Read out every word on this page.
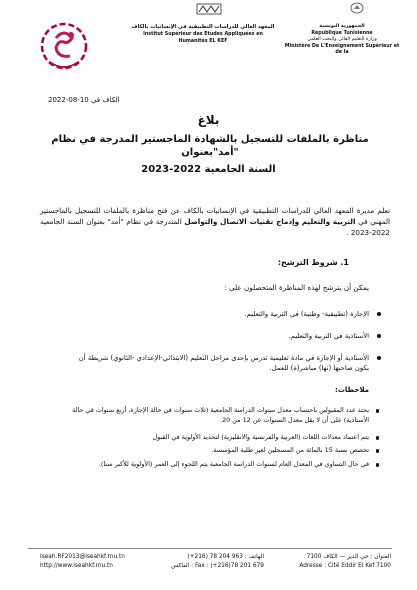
المعهد العالي للدراسات التطبيقية في الإنسانيات بالكاف
Institut Supérieur des Etudes Appliquées en
Humanités EL KEF
الجمهورية التونسية
République Tunisienne
وزارة التعليم العالي والبحث العلمي
Ministère De L'Enseignement Supérieur et de la
الكاف في 10-08-2022
بلاغ
مناظرة بالملفات للتسجيل بالشهادة الماجستير المدرجة في نظام "أمد"بعنوان
السنة الجامعية 2022-2023
تعلم مديرة المعهد العالي للدراسات التطبيقية في الإنسانيات بالكاف عن فتح مناظرة بالملفات للتسجيل بالماجستير المهني في التربية والتعليم وإدماج تقنيات الاتصال والتواصل المندرجة في نظام "أمد" بعنوان السنة الجامعية 2022-2023 .
1. شروط الترشح:
يمكن أن يترشح لهذه المناظرة المتحصلون على :
الإجازة (تطبيقية- وطنية) في التربية والتعليم.
الأستاذية في التربية والتعليم.
الأستاذية أو الإجازة في مادة تعليمية تدرس بإحدى مراحل التعليم (الابتدائي-الإعدادي -الثانوي) شريطة أن يكون صاحبها (تها) مباشر(ة) للعمل.
ملاحظات:
يحتذ عدد المقبولين باحتساب معدل سنوات الدراسة الجامعية (ثلاث سنوات في حالة الإجازة، أربع سنوات في حالة الأستاذية) على أن لا يقل معدل السنوات عن 12 من 20.
يتم اعتماد معدلات اللغات (العربية والفرنسية والانقليزية) لتحديد الأولوية في القبول
تخصص نسبة 15 بالمائة من المسجلين لغير طلبة المؤسسة.
في حال التساوي في المعدل العام لسنوات الدراسة الجامعية يتم اللجوء إلى العمر (الأولوية للأكبر سنا).
Iseah.RF2013@iseahkf.rnu.tn
http://www.iseahkf.rnu.tn
الهاتف : 963 204 78 (216+)
Fax : (+216)78 201 679 : الفاكس
العنوان : حي الدير — الكاف 7100
Adresse : Cité Eddir El Kef 7100
